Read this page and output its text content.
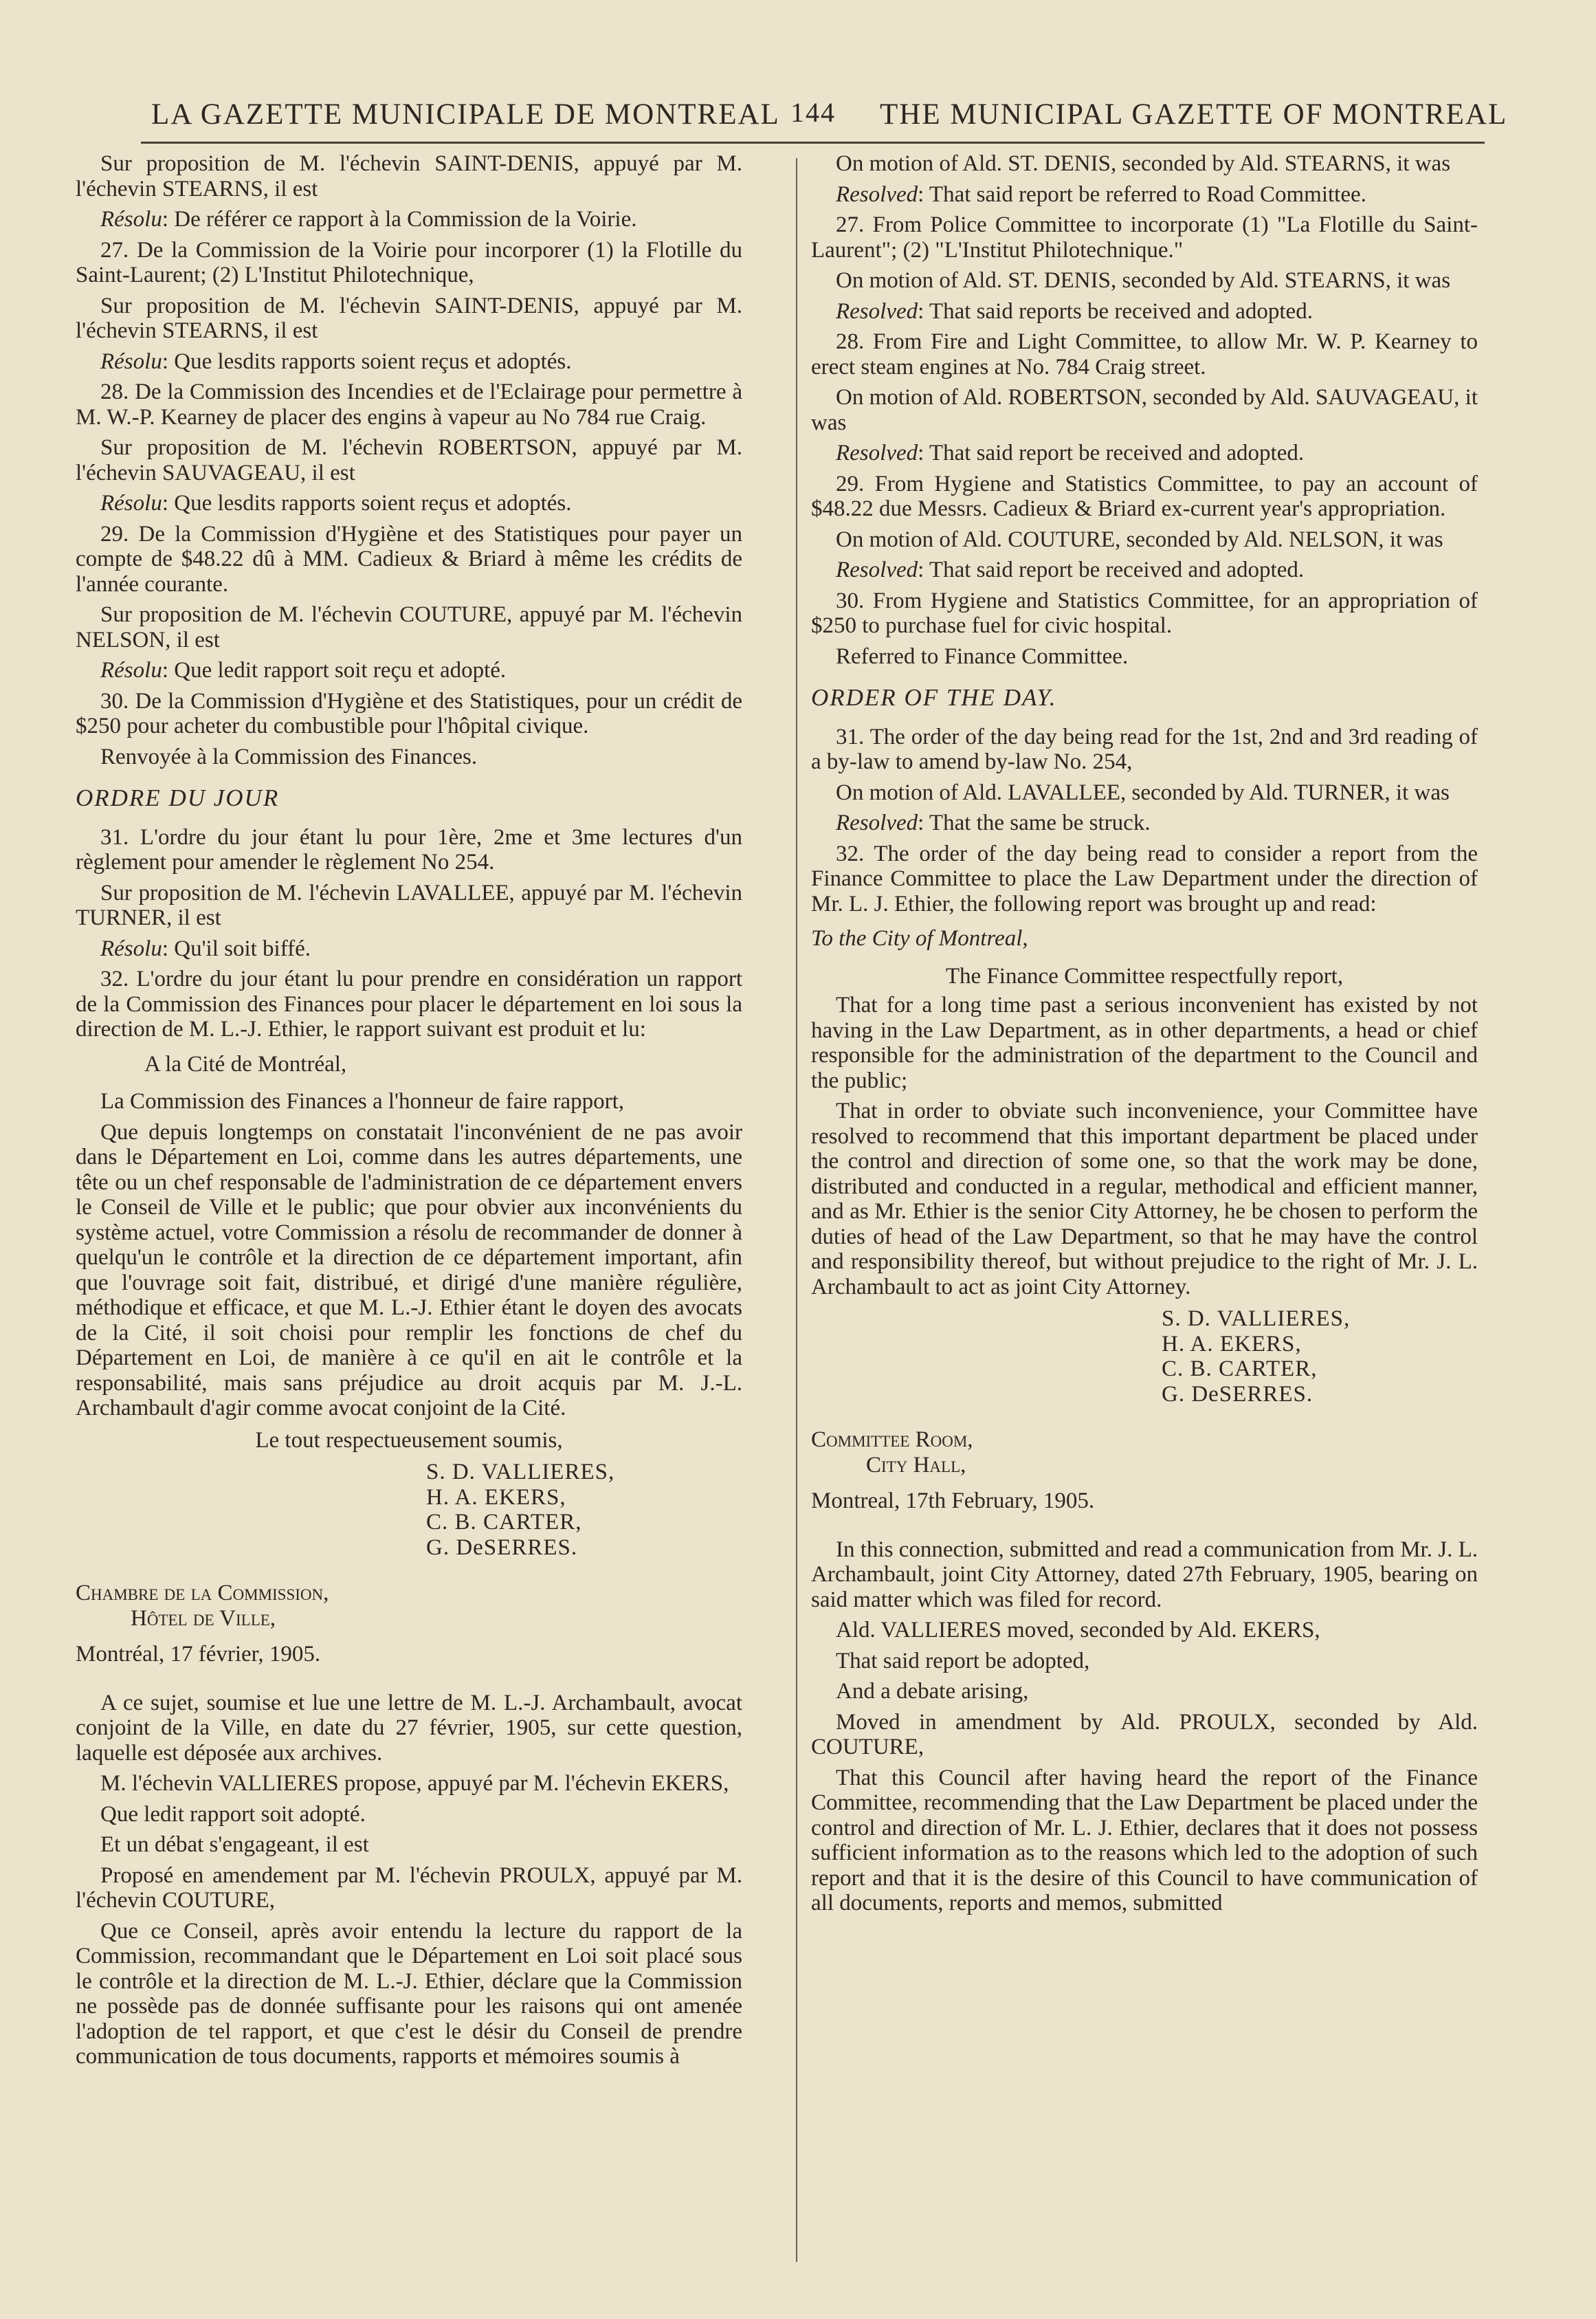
LA GAZETTE MUNICIPALE DE MONTREAL 144 THE MUNICIPAL GAZETTE OF MONTREAL

Sur proposition de M. l'échevin SAINT-DENIS, appuyé par M. l'échevin STEARNS, il est

Résolu: De référer ce rapport à la Commission de la Voirie.

27. De la Commission de la Voirie pour incorporer (1) la Flotille du Saint-Laurent; (2) L'Institut Philotechnique,

Sur proposition de M. l'échevin SAINT-DENIS, appuyé par M. l'échevin STEARNS, il est

Résolu: Que lesdits rapports soient reçus et adoptés.

28. De la Commission des Incendies et de l'Eclairage pour permettre à M. W.-P. Kearney de placer des engins à vapeur au No 784 rue Craig.

Sur proposition de M. l'échevin ROBERTSON, appuyé par M. l'échevin SAUVAGEAU, il est

Résolu: Que lesdits rapports soient reçus et adoptés.

29. De la Commission d'Hygiène et des Statistiques pour payer un compte de $48.22 dû à MM. Cadieux & Briard à même les crédits de l'année courante.

Sur proposition de M. l'échevin COUTURE, appuyé par M. l'échevin NELSON, il est

Résolu: Que ledit rapport soit reçu et adopté.

30. De la Commission d'Hygiène et des Statistiques, pour un crédit de $250 pour acheter du combustible pour l'hôpital civique.

Renvoyée à la Commission des Finances.

ORDRE DU JOUR

31. L'ordre du jour étant lu pour 1ère, 2me et 3me lectures d'un règlement pour amender le règlement No 254.

Sur proposition de M. l'échevin LAVALLEE, appuyé par M. l'échevin TURNER, il est

Résolu: Qu'il soit biffé.

32. L'ordre du jour étant lu pour prendre en considération un rapport de la Commission des Finances pour placer le département en loi sous la direction de M. L.-J. Ethier, le rapport suivant est produit et lu:

A la Cité de Montréal,

La Commission des Finances a l'honneur de faire rapport,

Que depuis longtemps on constatait l'inconvénient de ne pas avoir dans le Département en Loi, comme dans les autres départements, une tête ou un chef responsable de l'administration de ce département envers le Conseil de Ville et le public; que pour obvier aux inconvénients du système actuel, votre Commission a résolu de recommander de donner à quelqu'un le contrôle et la direction de ce département important, afin que l'ouvrage soit fait, distribué, et dirigé d'une manière régulière, méthodique et efficace, et que M. L.-J. Ethier étant le doyen des avocats de la Cité, il soit choisi pour remplir les fonctions de chef du Département en Loi, de manière à ce qu'il en ait le contrôle et la responsabilité, mais sans préjudice au droit acquis par M. J.-L. Archambault d'agir comme avocat conjoint de la Cité.

Le tout respectueusement soumis,

S. D. VALLIERES,
H. A. EKERS,
C. B. CARTER,
G. DeSERRES.

Chambre de la Commission,

Hôtel de Ville,

Montréal, 17 février, 1905.

A ce sujet, soumise et lue une lettre de M. L.-J. Archambault, avocat conjoint de la Ville, en date du 27 février, 1905, sur cette question, laquelle est déposée aux archives.

M. l'échevin VALLIERES propose, appuyé par M. l'échevin EKERS,

Que ledit rapport soit adopté.

Et un débat s'engageant, il est

Proposé en amendement par M. l'échevin PROULX, appuyé par M. l'échevin COUTURE,

Que ce Conseil, après avoir entendu la lecture du rapport de la Commission, recommandant que le Département en Loi soit placé sous le contrôle et la direction de M. L.-J. Ethier, déclare que la Commission ne possède pas de donnée suffisante pour les raisons qui ont amenée l'adoption de tel rapport, et que c'est le désir du Conseil de prendre communication de tous documents, rapports et mémoires soumis à

On motion of Ald. ST. DENIS, seconded by Ald. STEARNS, it was

Resolved: That said report be referred to Road Committee.

27. From Police Committee to incorporate (1) "La Flotille du Saint-Laurent"; (2) "L'Institut Philotechnique."

On motion of Ald. ST. DENIS, seconded by Ald. STEARNS, it was

Resolved: That said reports be received and adopted.

28. From Fire and Light Committee, to allow Mr. W. P. Kearney to erect steam engines at No. 784 Craig street.

On motion of Ald. ROBERTSON, seconded by Ald. SAUVAGEAU, it was

Resolved: That said report be received and adopted.

29. From Hygiene and Statistics Committee, to pay an account of $48.22 due Messrs. Cadieux & Briard ex-current year's appropriation.

On motion of Ald. COUTURE, seconded by Ald. NELSON, it was

Resolved: That said report be received and adopted.

30. From Hygiene and Statistics Committee, for an appropriation of $250 to purchase fuel for civic hospital.

Referred to Finance Committee.

ORDER OF THE DAY.

31. The order of the day being read for the 1st, 2nd and 3rd reading of a by-law to amend by-law No. 254,

On motion of Ald. LAVALLEE, seconded by Ald. TURNER, it was

Resolved: That the same be struck.

32. The order of the day being read to consider a report from the Finance Committee to place the Law Department under the direction of Mr. L. J. Ethier, the following report was brought up and read:

To the City of Montreal,

The Finance Committee respectfully report,

That for a long time past a serious inconvenient has existed by not having in the Law Department, as in other departments, a head or chief responsible for the administration of the department to the Council and the public;

That in order to obviate such inconvenience, your Committee have resolved to recommend that this important department be placed under the control and direction of some one, so that the work may be done, distributed and conducted in a regular, methodical and efficient manner, and as Mr. Ethier is the senior City Attorney, he be chosen to perform the duties of head of the Law Department, so that he may have the control and responsibility thereof, but without prejudice to the right of Mr. J. L. Archambault to act as joint City Attorney.

S. D. VALLIERES,
H. A. EKERS,
C. B. CARTER,
G. DeSERRES.

Committee Room,

City Hall,

Montreal, 17th February, 1905.

In this connection, submitted and read a communication from Mr. J. L. Archambault, joint City Attorney, dated 27th February, 1905, bearing on said matter which was filed for record.

Ald. VALLIERES moved, seconded by Ald. EKERS,

That said report be adopted,

And a debate arising,

Moved in amendment by Ald. PROULX, seconded by Ald. COUTURE,

That this Council after having heard the report of the Finance Committee, recommending that the Law Department be placed under the control and direction of Mr. L. J. Ethier, declares that it does not possess sufficient information as to the reasons which led to the adoption of such report and that it is the desire of this Council to have communication of all documents, reports and memos, submitted
